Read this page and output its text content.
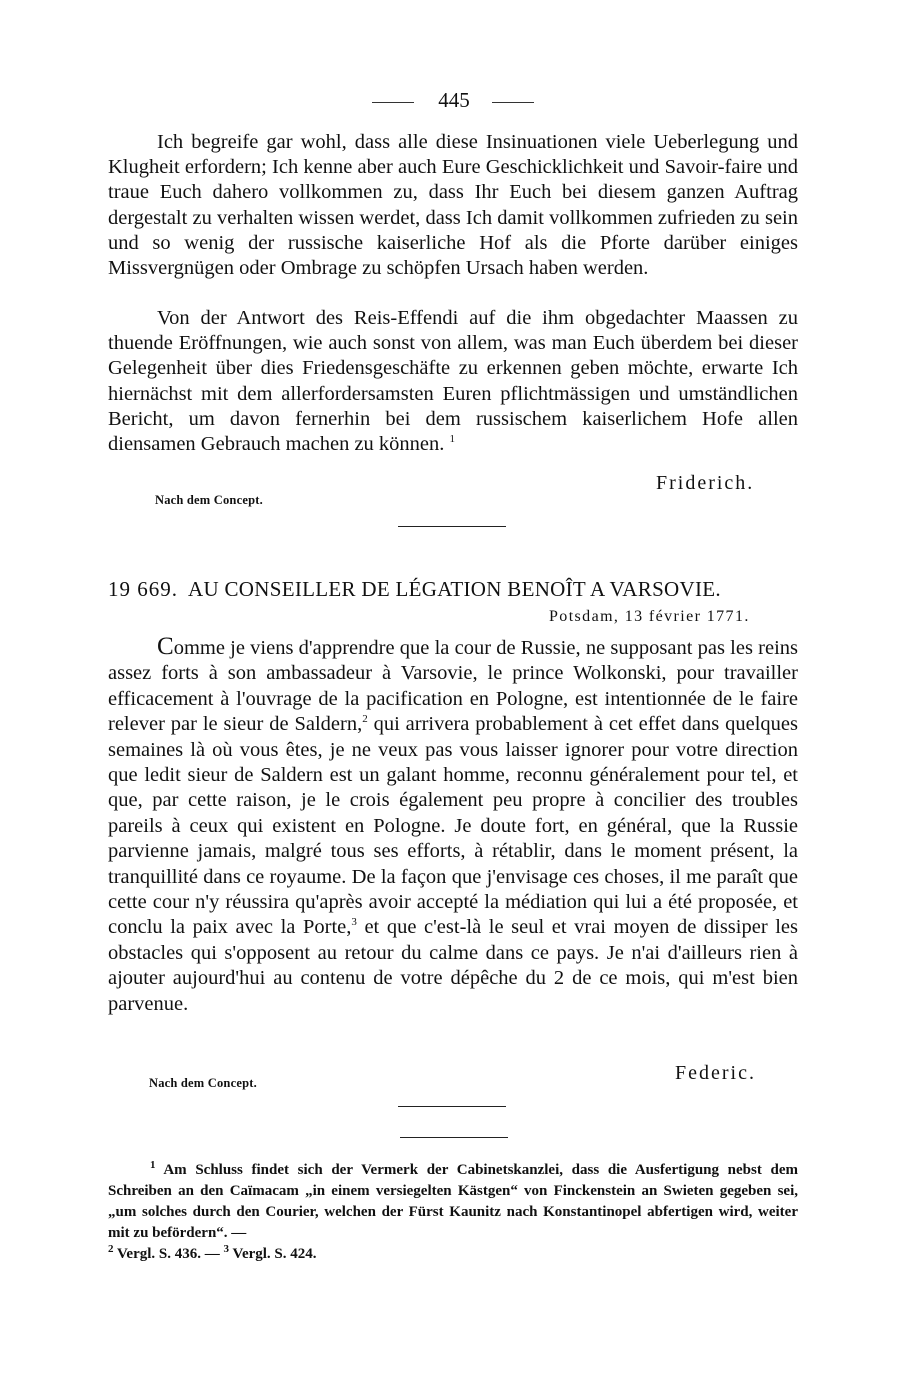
445

Ich begreife gar wohl, dass alle diese Insinuationen viele Ueberlegung und Klugheit erfordern; Ich kenne aber auch Eure Geschicklichkeit und Savoir-faire und traue Euch dahero vollkommen zu, dass Ihr Euch bei diesem ganzen Auftrag dergestalt zu verhalten wissen werdet, dass Ich damit vollkommen zufrieden zu sein und so wenig der russische kaiserliche Hof als die Pforte darüber einiges Missvergnügen oder Ombrage zu schöpfen Ursach haben werden.

Von der Antwort des Reis-Effendi auf die ihm obgedachter Maassen zu thuende Eröffnungen, wie auch sonst von allem, was man Euch überdem bei dieser Gelegenheit über dies Friedensgeschäfte zu erkennen geben möchte, erwarte Ich hiernächst mit dem allerfordersamsten Euren pflichtmässigen und umständlichen Bericht, um davon fernerhin bei dem russischem kaiserlichem Hofe allen diensamen Gebrauch machen zu können. $^1$

Friderich.
Nach dem Concept.
19 669. AU CONSEILLER DE LÉGATION BENOÎT A VARSOVIE.
Potsdam, 13 février 1771.

Comme je viens d'apprendre que la cour de Russie, ne supposant pas les reins assez forts à son ambassadeur à Varsovie, le prince Wolkonski, pour travailler efficacement à l'ouvrage de la pacification en Pologne, est intentionnée de le faire relever par le sieur de Saldern,$^2$ qui arrivera probablement à cet effet dans quelques semaines là où vous êtes, je ne veux pas vous laisser ignorer pour votre direction que ledit sieur de Saldern est un galant homme, reconnu généralement pour tel, et que, par cette raison, je le crois également peu propre à concilier des troubles pareils à ceux qui existent en Pologne. Je doute fort, en général, que la Russie parvienne jamais, malgré tous ses efforts, à rétablir, dans le moment présent, la tranquillité dans ce royaume. De la façon que j'envisage ces choses, il me paraît que cette cour n'y réussira qu'après avoir accepté la médiation qui lui a été proposée, et conclu la paix avec la Porte,$^3$ et que c'est-là le seul et vrai moyen de dissiper les obstacles qui s'opposent au retour du calme dans ce pays. Je n'ai d'ailleurs rien à ajouter aujourd'hui au contenu de votre dépêche du 2 de ce mois, qui m'est bien parvenue.

Federic.
Nach dem Concept.

$^1$ Am Schluss findet sich der Vermerk der Cabinetskanzlei, dass die Ausfertigung nebst dem Schreiben an den Caïmacam „in einem versiegelten Kästgen“ von Finckenstein an Swieten gegeben sei, „um solches durch den Courier, welchen der Fürst Kaunitz nach Konstantinopel abfertigen wird, weiter mit zu befördern“. —
$^2$ Vergl. S. 436. — $^3$ Vergl. S. 424.
